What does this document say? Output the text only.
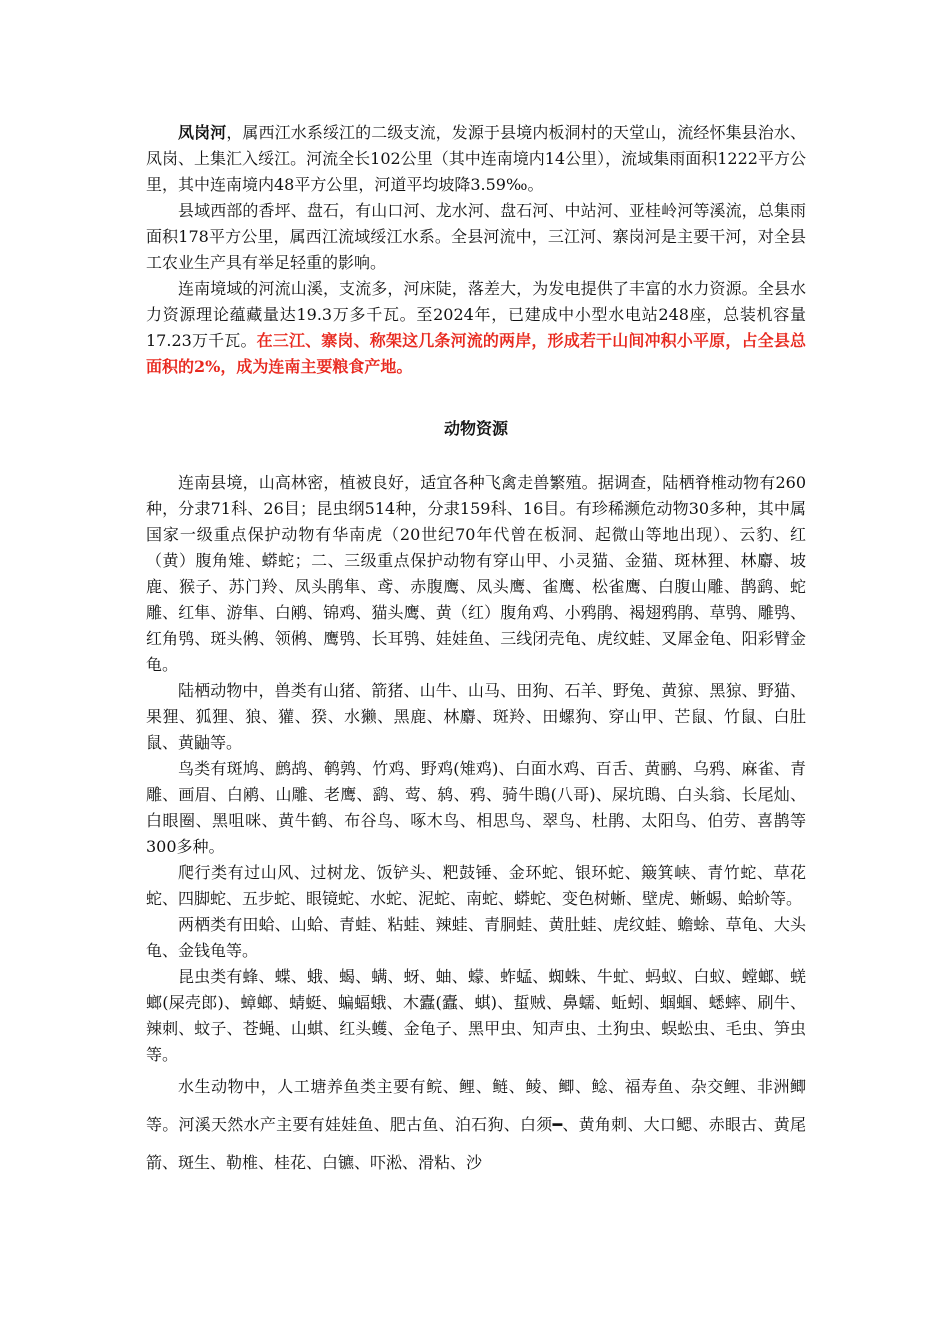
凤岗河，属西江水系绥江的二级支流，发源于县境内板洞村的天堂山，流经怀集县治水、凤岗、上集汇入绥江。河流全长102公里（其中连南境内14公里），流域集雨面积1222平方公里，其中连南境内48平方公里，河道平均坡降3.59‰。

县域西部的香坪、盘石，有山口河、龙水河、盘石河、中站河、亚桂岭河等溪流，总集雨面积178平方公里，属西江流域绥江水系。全县河流中，三江河、寨岗河是主要干河，对全县工农业生产具有举足轻重的影响。

连南境域的河流山溪，支流多，河床陡，落差大，为发电提供了丰富的水力资源。全县水力资源理论蕴藏量达19.3万多千瓦。至2024年，已建成中小型水电站248座，总装机容量17.23万千瓦。在三江、寨岗、称架这几条河流的两岸，形成若干山间冲积小平原，占全县总面积的2%，成为连南主要粮食产地。

动物资源

连南县境，山高林密，植被良好，适宜各种飞禽走兽繁殖。据调查，陆栖脊椎动物有260种，分隶71科、26目；昆虫纲514种，分隶159科、16目。有珍稀濒危动物30多种，其中属国家一级重点保护动物有华南虎（20世纪70年代曾在板洞、起微山等地出现）、云豹、红（黄）腹角雉、蟒蛇；二、三级重点保护动物有穿山甲、小灵猫、金猫、斑林狸、林麝、坡鹿、猴子、苏门羚、凤头鹃隼、鸢、赤腹鹰、凤头鹰、雀鹰、松雀鹰、白腹山雕、鹊鹞、蛇雕、红隼、游隼、白鹇、锦鸡、猫头鹰、黄（红）腹角鸡、小鸦鹃、褐翅鸦鹃、草鸮、雕鸮、红角鸮、斑头鸺、领鸺、鹰鸮、长耳鸮、娃娃鱼、三线闭壳龟、虎纹蛙、叉犀金龟、阳彩臂金龟。

陆栖动物中，兽类有山猪、箭猪、山牛、山马、田狗、石羊、野兔、黄猄、黑猄、野猫、果狸、狐狸、狼、獾、猤、水獭、黑鹿、林麝、斑羚、田螺狗、穿山甲、芒鼠、竹鼠、白肚鼠、黄鼬等。

鸟类有斑鸠、鹧鸪、鹌鹑、竹鸡、野鸡(雉鸡)、白面水鸡、百舌、黄鹂、乌鸦、麻雀、青雕、画眉、白鹇、山雕、老鹰、鹞、莺、鸫、鸦、骑牛鵖(八哥)、屎坑鵖、白头翁、长尾灿、白眼圈、黑咀咪、黄牛鹤、布谷鸟、啄木鸟、相思鸟、翠鸟、杜鹃、太阳鸟、伯劳、喜鹊等300多种。

爬行类有过山风、过树龙、饭铲头、粑鼓锤、金环蛇、银环蛇、簸箕峡、青竹蛇、草花蛇、四脚蛇、五步蛇、眼镜蛇、水蛇、泥蛇、南蛇、蟒蛇、变色树蜥、壁虎、蜥蜴、蛤蚧等。

两栖类有田蛤、山蛤、青蛙、粘蛙、辣蛙、青胴蛙、黄肚蛙、虎纹蛙、蟾蜍、草龟、大头龟、金钱龟等。

昆虫类有蜂、蝶、蛾、蝎、螨、蚜、蚰、蠓、蚱蜢、蜘蛛、牛虻、蚂蚁、白蚁、螳螂、蜣螂(屎壳郎)、蟑螂、蜻蜓、蝙蝠蛾、木蠹(蠹、蜞)、蜇贼、鼻蠕、蚯蚓、蝈蝈、蟋蟀、刷牛、辣刺、蚊子、苍蝇、山蜞、红头蠖、金龟子、黑甲虫、知声虫、土狗虫、蜈蚣虫、毛虫、笋虫等。

水生动物中，人工塘养鱼类主要有鲩、鲤、鲢、鲮、鲫、鲶、福寿鱼、杂交鲤、非洲鲫等。河溪天然水产主要有娃娃鱼、肥古鱼、泊石狗、白须━、黄角刺、大口鳃、赤眼古、黄尾箭、斑生、勒椎、桂花、白镳、吓淞、滑粘、沙
